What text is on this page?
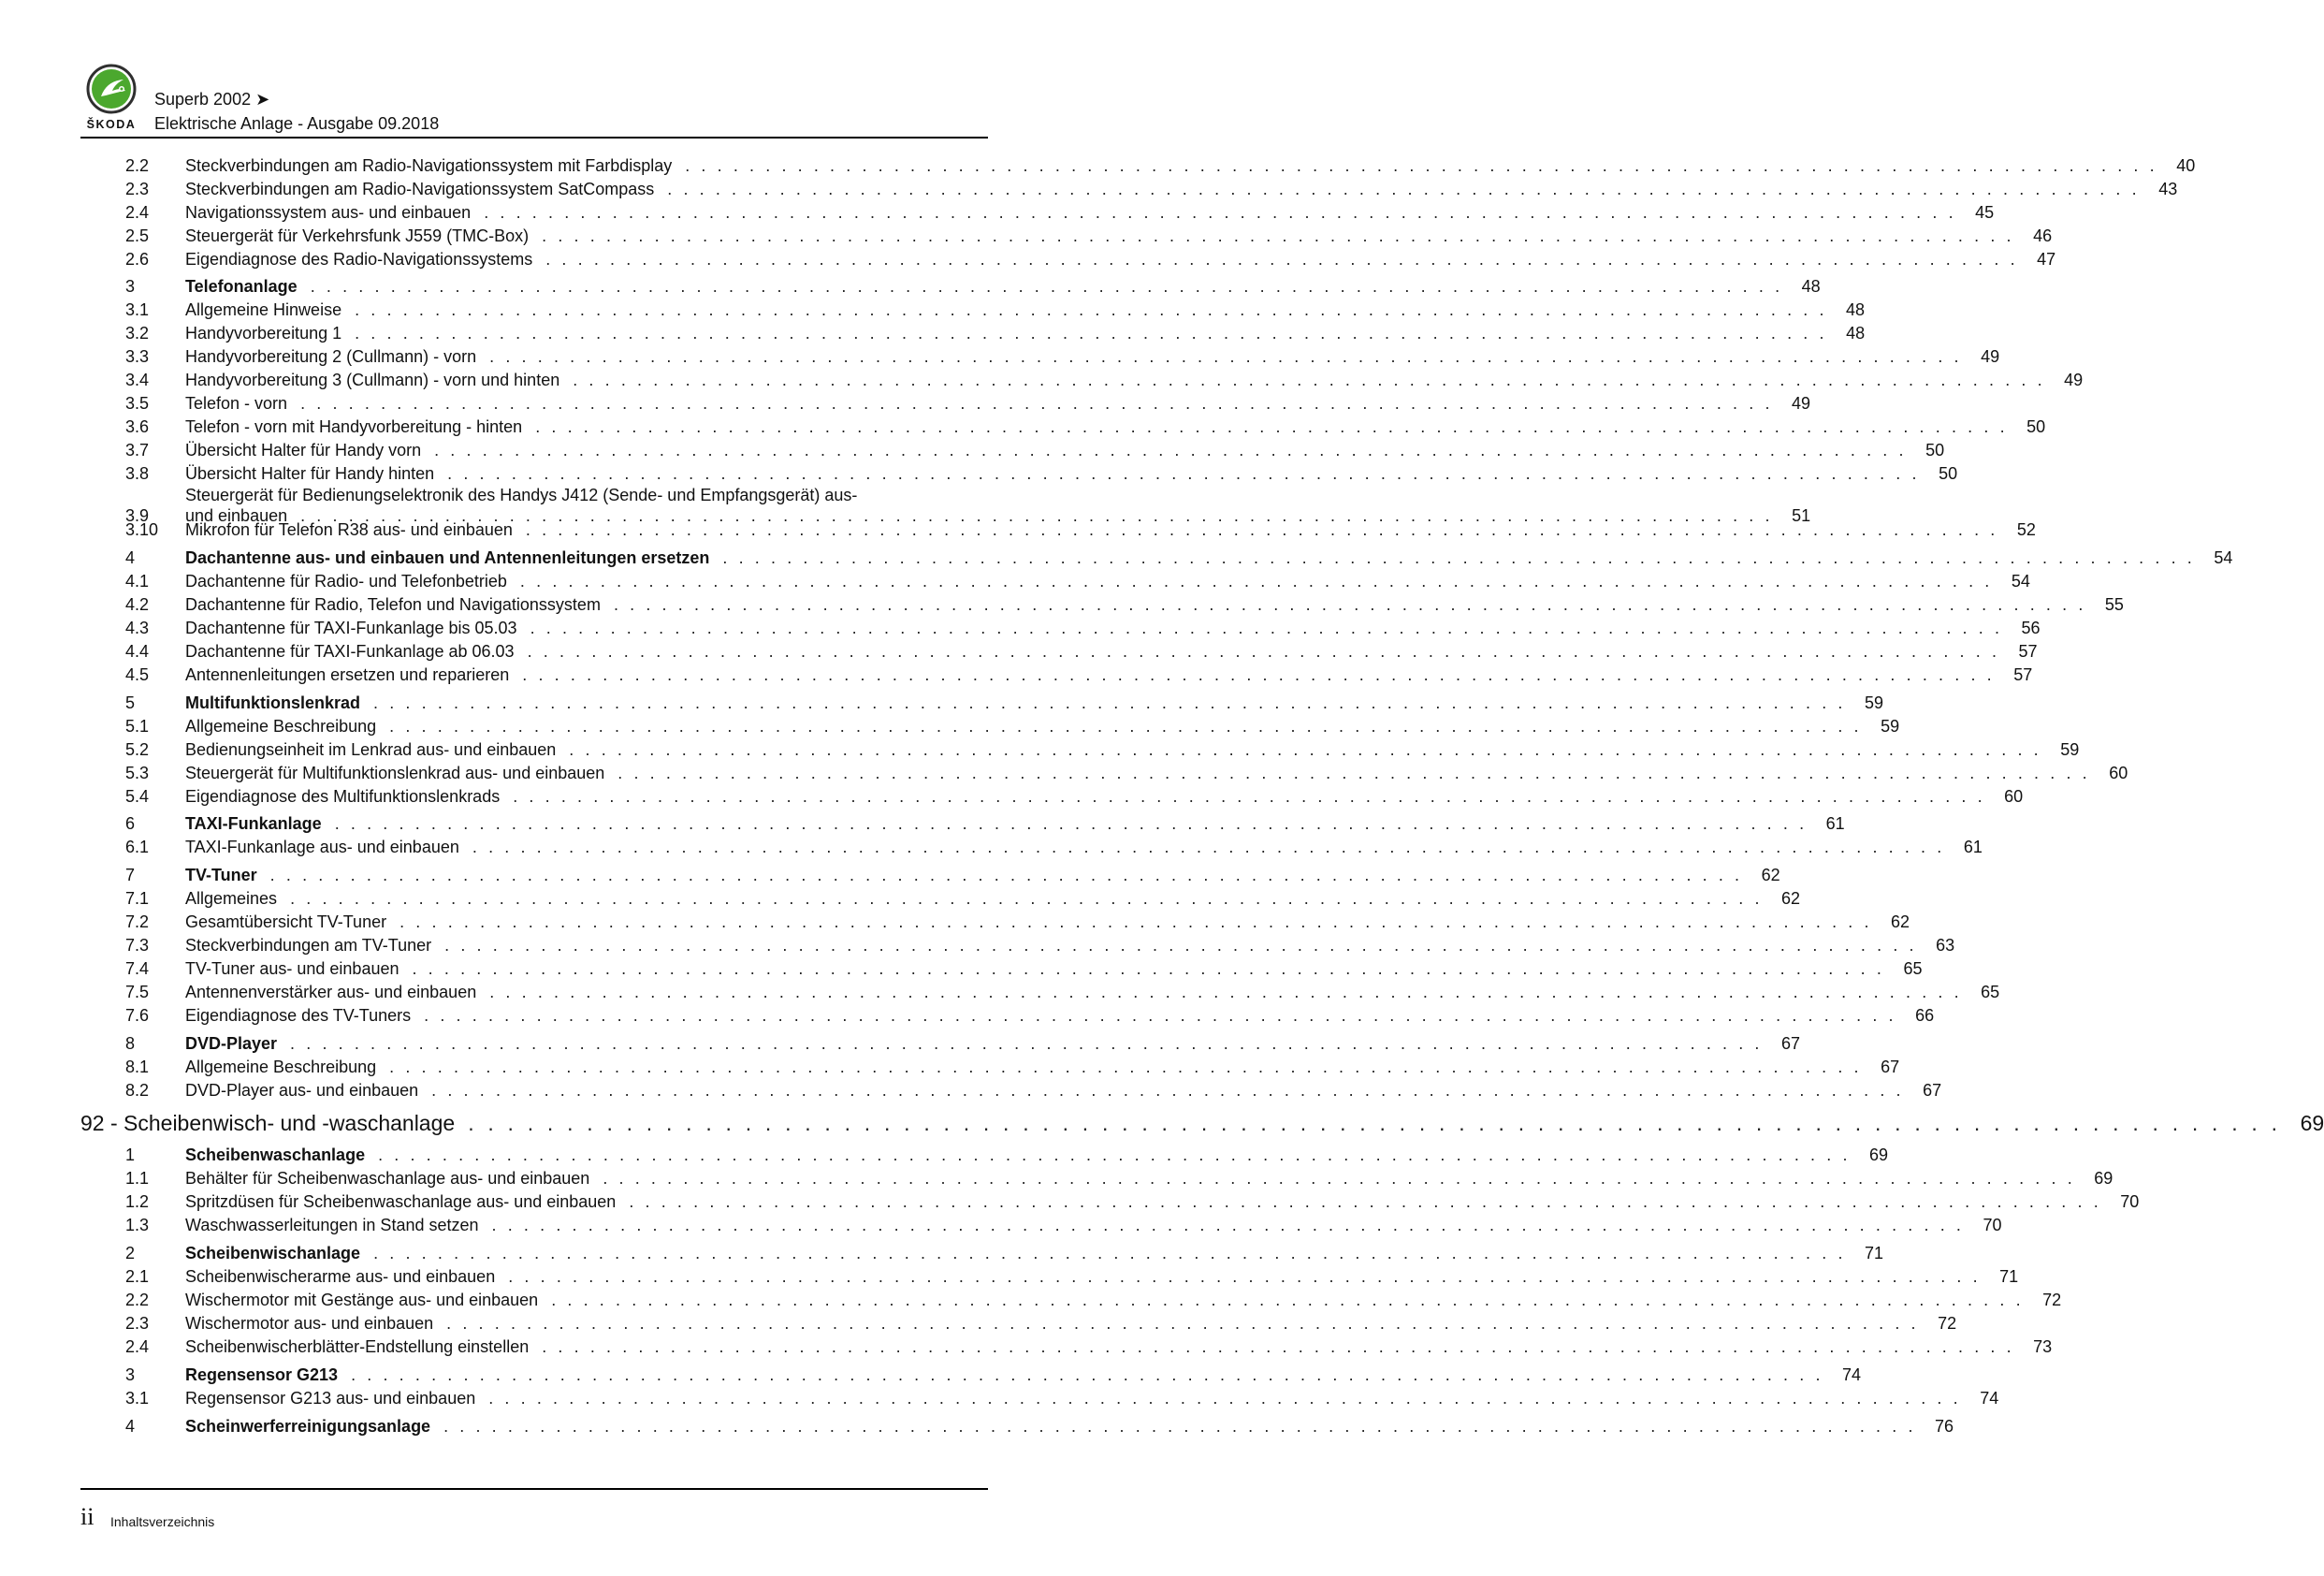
ŠKODA
Superb 2002 ➤
Elektrische Anlage - Ausgabe 09.2018
2.2	Steckverbindungen am Radio-Navigationssystem mit Farbdisplay . . . . . . . . . . . . . . . . . . . . . . . . . . . . . . . . . . . . . . . . . . . . . . . . . . . . . . . . . . . . . . . . . . . . . . . . . . . . . . . . . . . . . . . . . . . .	40
2.3	Steckverbindungen am Radio-Navigationssystem SatCompass . . . . . . . . . . . . . . . . . . . . . . . . . . . . . . . . . . . . . . . . . . . . . . . . . . . . . . . . . . . . . . . . . . . . . . . . . . . . . . . . . . . . . . . . . . . .	43
2.4	Navigationssystem aus- und einbauen . . . . . . . . . . . . . . . . . . . . . . . . . . . . . . . . . . . . . . . . . . . . . . . . . . . . . . . . . . . . . . . . . . . . . . . . . . . . . . . . . . . . . . . . . . . .	45
2.5	Steuergerät für Verkehrsfunk J559 (TMC-Box) . . . . . . . . . . . . . . . . . . . . . . . . . . . . . . . . . . . . . . . . . . . . . . . . . . . . . . . . . . . . . . . . . . . . . . . . . . . . . . . . . . . . . . . . . . . .	46
2.6	Eigendiagnose des Radio-Navigationssystems . . . . . . . . . . . . . . . . . . . . . . . . . . . . . . . . . . . . . . . . . . . . . . . . . . . . . . . . . . . . . . . . . . . . . . . . . . . . . . . . . . . . . . . . . . . .	47
3	Telefonanlage . . . . . . . . . . . . . . . . . . . . . . . . . . . . . . . . . . . . . . . . . . . . . . . . . . . . . . . . . . . . . . . . . . . . . . . . . . . . . . . . . . . . . . . . . . . .	48
3.1	Allgemeine Hinweise . . . . . . . . . . . . . . . . . . . . . . . . . . . . . . . . . . . . . . . . . . . . . . . . . . . . . . . . . . . . . . . . . . . . . . . . . . . . . . . . . . . . . . . . . . . .	48
3.2	Handyvorbereitung 1 . . . . . . . . . . . . . . . . . . . . . . . . . . . . . . . . . . . . . . . . . . . . . . . . . . . . . . . . . . . . . . . . . . . . . . . . . . . . . . . . . . . . . . . . . . . .	48
3.3	Handyvorbereitung 2 (Cullmann) - vorn . . . . . . . . . . . . . . . . . . . . . . . . . . . . . . . . . . . . . . . . . . . . . . . . . . . . . . . . . . . . . . . . . . . . . . . . . . . . . . . . . . . . . . . . . . . .	49
3.4	Handyvorbereitung 3 (Cullmann) - vorn und hinten . . . . . . . . . . . . . . . . . . . . . . . . . . . . . . . . . . . . . . . . . . . . . . . . . . . . . . . . . . . . . . . . . . . . . . . . . . . . . . . . . . . . . . . . . . . .	49
3.5	Telefon - vorn . . . . . . . . . . . . . . . . . . . . . . . . . . . . . . . . . . . . . . . . . . . . . . . . . . . . . . . . . . . . . . . . . . . . . . . . . . . . . . . . . . . . . . . . . . . .	49
3.6	Telefon - vorn mit Handyvorbereitung - hinten . . . . . . . . . . . . . . . . . . . . . . . . . . . . . . . . . . . . . . . . . . . . . . . . . . . . . . . . . . . . . . . . . . . . . . . . . . . . . . . . . . . . . . . . . . . .	50
3.7	Übersicht Halter für Handy vorn . . . . . . . . . . . . . . . . . . . . . . . . . . . . . . . . . . . . . . . . . . . . . . . . . . . . . . . . . . . . . . . . . . . . . . . . . . . . . . . . . . . . . . . . . . . .	50
3.8	Übersicht Halter für Handy hinten . . . . . . . . . . . . . . . . . . . . . . . . . . . . . . . . . . . . . . . . . . . . . . . . . . . . . . . . . . . . . . . . . . . . . . . . . . . . . . . . . . . . . . . . . . . .	50
3.9
Steuergerät für Bedienungselektronik des Handys J412 (Sende- und Empfangsgerät) aus-
und einbauen . . . . . . . . . . . . . . . . . . . . . . . . . . . . . . . . . . . . . . . . . . . . . . . . . . . . . . . . . . . . . . . . . . . . . . . . . . . . . . . . . . . . . . . . . . . .	51
3.10	Mikrofon für Telefon R38 aus- und einbauen . . . . . . . . . . . . . . . . . . . . . . . . . . . . . . . . . . . . . . . . . . . . . . . . . . . . . . . . . . . . . . . . . . . . . . . . . . . . . . . . . . . . . . . . . . . .	52
4	Dachantenne aus- und einbauen und Antennenleitungen ersetzen . . . . . . . . . . . . . . . . . . . . . . . . . . . . . . . . . . . . . . . . . . . . . . . . . . . . . . . . . . . . . . . . . . . . . . . . . . . . . . . . . . . . . . . . . . . .	54
4.1	Dachantenne für Radio- und Telefonbetrieb . . . . . . . . . . . . . . . . . . . . . . . . . . . . . . . . . . . . . . . . . . . . . . . . . . . . . . . . . . . . . . . . . . . . . . . . . . . . . . . . . . . . . . . . . . . .	54
4.2	Dachantenne für Radio, Telefon und Navigationssystem . . . . . . . . . . . . . . . . . . . . . . . . . . . . . . . . . . . . . . . . . . . . . . . . . . . . . . . . . . . . . . . . . . . . . . . . . . . . . . . . . . . . . . . . . . . .	55
4.3	Dachantenne für TAXI-Funkanlage bis 05.03 . . . . . . . . . . . . . . . . . . . . . . . . . . . . . . . . . . . . . . . . . . . . . . . . . . . . . . . . . . . . . . . . . . . . . . . . . . . . . . . . . . . . . . . . . . . .	56
4.4	Dachantenne für TAXI-Funkanlage ab 06.03 . . . . . . . . . . . . . . . . . . . . . . . . . . . . . . . . . . . . . . . . . . . . . . . . . . . . . . . . . . . . . . . . . . . . . . . . . . . . . . . . . . . . . . . . . . . .	57
4.5	Antennenleitungen ersetzen und reparieren . . . . . . . . . . . . . . . . . . . . . . . . . . . . . . . . . . . . . . . . . . . . . . . . . . . . . . . . . . . . . . . . . . . . . . . . . . . . . . . . . . . . . . . . . . . .	57
5	Multifunktionslenkrad . . . . . . . . . . . . . . . . . . . . . . . . . . . . . . . . . . . . . . . . . . . . . . . . . . . . . . . . . . . . . . . . . . . . . . . . . . . . . . . . . . . . . . . . . . . .	59
5.1	Allgemeine Beschreibung . . . . . . . . . . . . . . . . . . . . . . . . . . . . . . . . . . . . . . . . . . . . . . . . . . . . . . . . . . . . . . . . . . . . . . . . . . . . . . . . . . . . . . . . . . . .	59
5.2	Bedienungseinheit im Lenkrad aus- und einbauen . . . . . . . . . . . . . . . . . . . . . . . . . . . . . . . . . . . . . . . . . . . . . . . . . . . . . . . . . . . . . . . . . . . . . . . . . . . . . . . . . . . . . . . . . . . .	59
5.3	Steuergerät für Multifunktionslenkrad aus- und einbauen . . . . . . . . . . . . . . . . . . . . . . . . . . . . . . . . . . . . . . . . . . . . . . . . . . . . . . . . . . . . . . . . . . . . . . . . . . . . . . . . . . . . . . . . . . . .	60
5.4	Eigendiagnose des Multifunktionslenkrads . . . . . . . . . . . . . . . . . . . . . . . . . . . . . . . . . . . . . . . . . . . . . . . . . . . . . . . . . . . . . . . . . . . . . . . . . . . . . . . . . . . . . . . . . . . .	60
6	TAXI-Funkanlage . . . . . . . . . . . . . . . . . . . . . . . . . . . . . . . . . . . . . . . . . . . . . . . . . . . . . . . . . . . . . . . . . . . . . . . . . . . . . . . . . . . . . . . . . . . .	61
6.1	TAXI-Funkanlage aus- und einbauen . . . . . . . . . . . . . . . . . . . . . . . . . . . . . . . . . . . . . . . . . . . . . . . . . . . . . . . . . . . . . . . . . . . . . . . . . . . . . . . . . . . . . . . . . . . .	61
7	TV-Tuner . . . . . . . . . . . . . . . . . . . . . . . . . . . . . . . . . . . . . . . . . . . . . . . . . . . . . . . . . . . . . . . . . . . . . . . . . . . . . . . . . . . . . . . . . . . .	62
7.1	Allgemeines . . . . . . . . . . . . . . . . . . . . . . . . . . . . . . . . . . . . . . . . . . . . . . . . . . . . . . . . . . . . . . . . . . . . . . . . . . . . . . . . . . . . . . . . . . . .	62
7.2	Gesamtübersicht TV-Tuner . . . . . . . . . . . . . . . . . . . . . . . . . . . . . . . . . . . . . . . . . . . . . . . . . . . . . . . . . . . . . . . . . . . . . . . . . . . . . . . . . . . . . . . . . . . .	62
7.3	Steckverbindungen am TV-Tuner . . . . . . . . . . . . . . . . . . . . . . . . . . . . . . . . . . . . . . . . . . . . . . . . . . . . . . . . . . . . . . . . . . . . . . . . . . . . . . . . . . . . . . . . . . . .	63
7.4	TV-Tuner aus- und einbauen . . . . . . . . . . . . . . . . . . . . . . . . . . . . . . . . . . . . . . . . . . . . . . . . . . . . . . . . . . . . . . . . . . . . . . . . . . . . . . . . . . . . . . . . . . . .	65
7.5	Antennenverstärker aus- und einbauen . . . . . . . . . . . . . . . . . . . . . . . . . . . . . . . . . . . . . . . . . . . . . . . . . . . . . . . . . . . . . . . . . . . . . . . . . . . . . . . . . . . . . . . . . . . .	65
7.6	Eigendiagnose des TV-Tuners . . . . . . . . . . . . . . . . . . . . . . . . . . . . . . . . . . . . . . . . . . . . . . . . . . . . . . . . . . . . . . . . . . . . . . . . . . . . . . . . . . . . . . . . . . . .	66
8	DVD-Player . . . . . . . . . . . . . . . . . . . . . . . . . . . . . . . . . . . . . . . . . . . . . . . . . . . . . . . . . . . . . . . . . . . . . . . . . . . . . . . . . . . . . . . . . . . .	67
8.1	Allgemeine Beschreibung . . . . . . . . . . . . . . . . . . . . . . . . . . . . . . . . . . . . . . . . . . . . . . . . . . . . . . . . . . . . . . . . . . . . . . . . . . . . . . . . . . . . . . . . . . . .	67
8.2	DVD-Player aus- und einbauen . . . . . . . . . . . . . . . . . . . . . . . . . . . . . . . . . . . . . . . . . . . . . . . . . . . . . . . . . . . . . . . . . . . . . . . . . . . . . . . . . . . . . . . . . . . .	67
92 - Scheibenwisch- und -waschanlage . . . . . . . . . . . . . . . . . . . . . . . . . . . . . . . . . . . . . . . . . . . . . . . . . . . . . . . . . . . . . . . . . . . . . . . . . . . . . . . . . . . . . . . . . . . . 69
1	Scheibenwaschanlage . . . . . . . . . . . . . . . . . . . . . . . . . . . . . . . . . . . . . . . . . . . . . . . . . . . . . . . . . . . . . . . . . . . . . . . . . . . . . . . . . . . . . . . . . . . .	69
1.1	Behälter für Scheibenwaschanlage aus- und einbauen . . . . . . . . . . . . . . . . . . . . . . . . . . . . . . . . . . . . . . . . . . . . . . . . . . . . . . . . . . . . . . . . . . . . . . . . . . . . . . . . . . . . . . . . . . . .	69
1.2	Spritzdüsen für Scheibenwaschanlage aus- und einbauen . . . . . . . . . . . . . . . . . . . . . . . . . . . . . . . . . . . . . . . . . . . . . . . . . . . . . . . . . . . . . . . . . . . . . . . . . . . . . . . . . . . . . . . . . . . .	70
1.3	Waschwasserleitungen in Stand setzen . . . . . . . . . . . . . . . . . . . . . . . . . . . . . . . . . . . . . . . . . . . . . . . . . . . . . . . . . . . . . . . . . . . . . . . . . . . . . . . . . . . . . . . . . . . .	70
2	Scheibenwischanlage . . . . . . . . . . . . . . . . . . . . . . . . . . . . . . . . . . . . . . . . . . . . . . . . . . . . . . . . . . . . . . . . . . . . . . . . . . . . . . . . . . . . . . . . . . . .	71
2.1	Scheibenwischerarme aus- und einbauen . . . . . . . . . . . . . . . . . . . . . . . . . . . . . . . . . . . . . . . . . . . . . . . . . . . . . . . . . . . . . . . . . . . . . . . . . . . . . . . . . . . . . . . . . . . .	71
2.2	Wischermotor mit Gestänge aus- und einbauen . . . . . . . . . . . . . . . . . . . . . . . . . . . . . . . . . . . . . . . . . . . . . . . . . . . . . . . . . . . . . . . . . . . . . . . . . . . . . . . . . . . . . . . . . . . .	72
2.3	Wischermotor aus- und einbauen . . . . . . . . . . . . . . . . . . . . . . . . . . . . . . . . . . . . . . . . . . . . . . . . . . . . . . . . . . . . . . . . . . . . . . . . . . . . . . . . . . . . . . . . . . . .	72
2.4	Scheibenwischerblätter-Endstellung einstellen . . . . . . . . . . . . . . . . . . . . . . . . . . . . . . . . . . . . . . . . . . . . . . . . . . . . . . . . . . . . . . . . . . . . . . . . . . . . . . . . . . . . . . . . . . . .	73
3	Regensensor G213 . . . . . . . . . . . . . . . . . . . . . . . . . . . . . . . . . . . . . . . . . . . . . . . . . . . . . . . . . . . . . . . . . . . . . . . . . . . . . . . . . . . . . . . . . . . .	74
3.1	Regensensor G213 aus- und einbauen . . . . . . . . . . . . . . . . . . . . . . . . . . . . . . . . . . . . . . . . . . . . . . . . . . . . . . . . . . . . . . . . . . . . . . . . . . . . . . . . . . . . . . . . . . . .	74
4	Scheinwerferreinigungsanlage . . . . . . . . . . . . . . . . . . . . . . . . . . . . . . . . . . . . . . . . . . . . . . . . . . . . . . . . . . . . . . . . . . . . . . . . . . . . . . . . . . . . . . . . . . . .	76
ii Inhaltsverzeichnis
